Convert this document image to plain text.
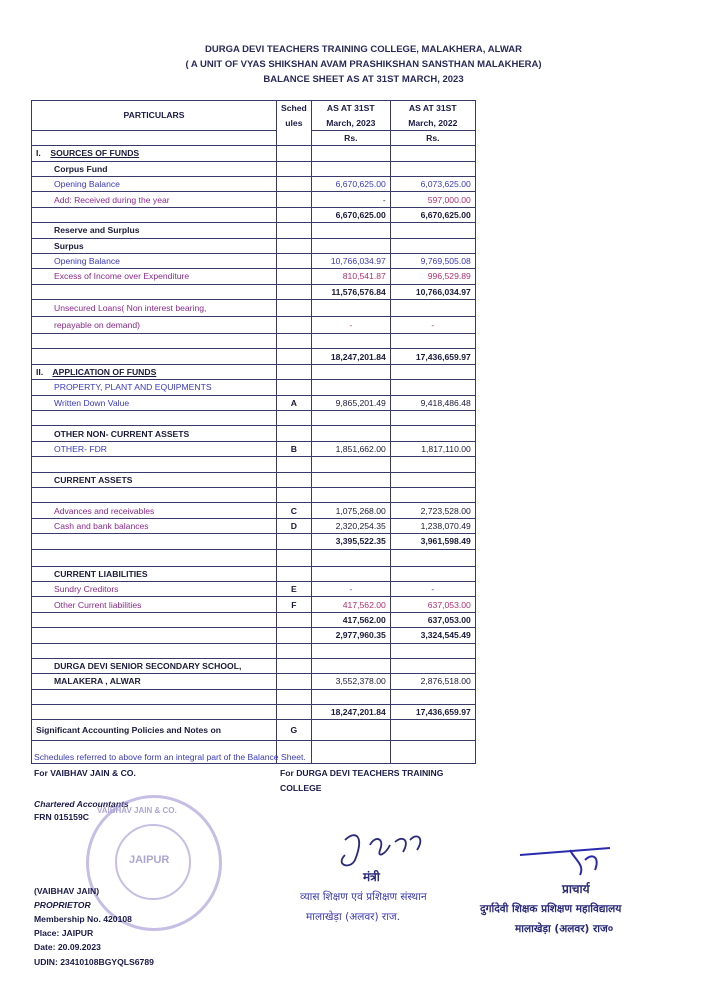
DURGA DEVI TEACHERS TRAINING COLLEGE, MALAKHERA, ALWAR
( A UNIT OF VYAS SHIKSHAN AVAM PRASHIKSHAN SANSTHAN MALAKHERA)
BALANCE SHEET AS AT 31ST MARCH, 2023
PARTICULARS	Sched	AS AT 31ST	AS AT 31ST
	ules	March, 2023	March, 2022
		Rs.	Rs.
I. SOURCES OF FUNDS			
Corpus Fund			
Opening Balance		6,670,625.00	6,073,625.00
Add: Received during the year		-	597,000.00
		6,670,625.00	6,670,625.00
Reserve and Surplus			
Surpus			
Opening Balance		10,766,034.97	9,769,505.08
Excess of Income over Expenditure		810,541.87	996,529.89
		11,576,576.84	10,766,034.97
Unsecured Loans( Non interest bearing,			
repayable on demand)		-	-

		18,247,201.84	17,436,659.97
II. APPLICATION OF FUNDS			
PROPERTY, PLANT AND EQUIPMENTS			
Written Down Value	A	9,865,201.49	9,418,486.48

OTHER NON- CURRENT ASSETS			
OTHER- FDR	B	1,851,662.00	1,817,110.00

CURRENT ASSETS			

Advances and receivables	C	1,075,268.00	2,723,528.00
Cash and bank balances	D	2,320,254.35	1,238,070.49
		3,395,522.35	3,961,598.49

CURRENT LIABILITIES			
Sundry Creditors	E	-	-
Other Current liabilities	F	417,562.00	637,053.00
		417,562.00	637,053.00
		2,977,960.35	3,324,545.49

DURGA DEVI SENIOR SECONDARY SCHOOL,			
MALAKERA , ALWAR		3,552,378.00	2,876,518.00

		18,247,201.84	17,436,659.97
Significant Accounting Policies and Notes on	G		

Schedules referred to above form an integral part of the Balance Sheet.
For VAIBHAV JAIN & CO.	For DURGA DEVI TEACHERS TRAINING
COLLEGE
Chartered Accountants
FRN 015159C
JAIPUR
VAIBHAV JAIN & CO.
(VAIBHAV JAIN)
PROPRIETOR
Membership No. 420108
Place: JAIPUR
Date: 20.09.2023
UDIN: 23410108BGYQLS6789
मंत्री
व्यास शिक्षण एवं प्रशिक्षण संस्थान
मालाखेड़ा (अलवर) राज.
प्राचार्य
दुर्गादेवी शिक्षक प्रशिक्षण महाविद्यालय
मालाखेड़ा (अलवर) राज०
